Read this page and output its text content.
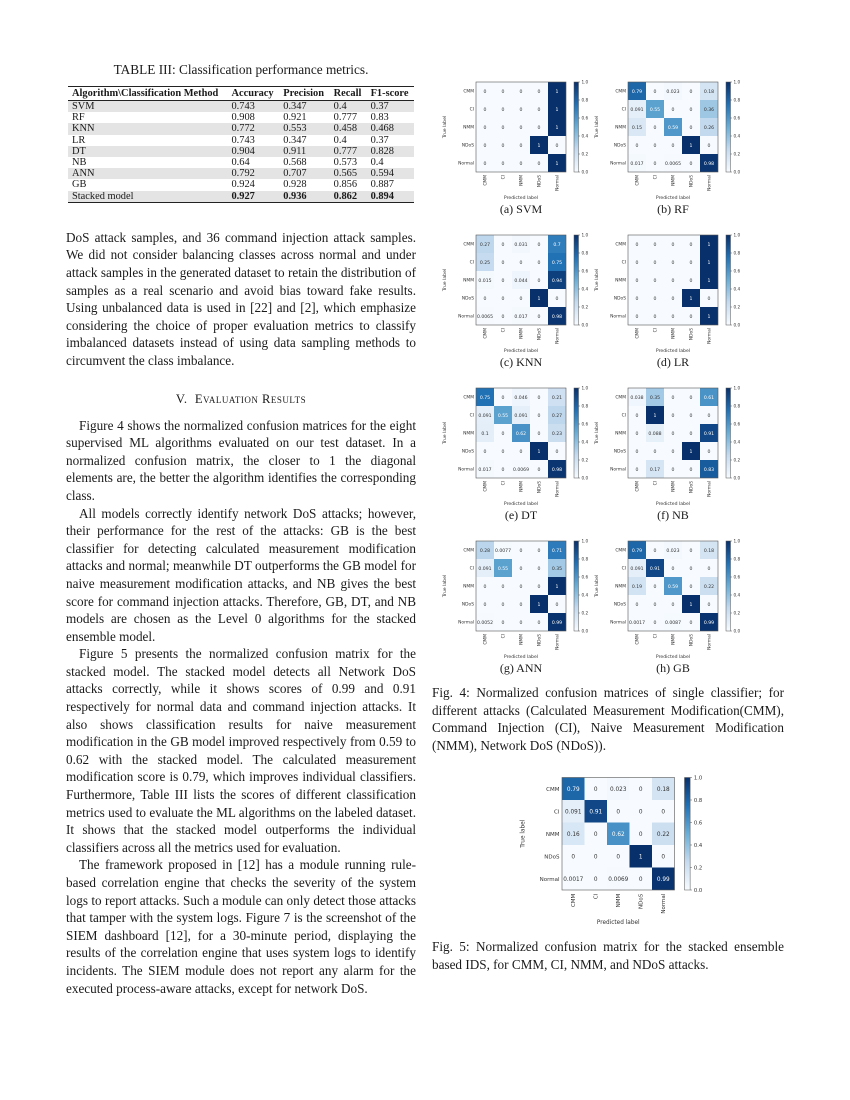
TABLE III: Classification performance metrics.
Algorithm\Classification Method	Accuracy	Precision	Recall	F1-score
SVM	0.743	0.347	0.4	0.37
RF	0.908	0.921	0.777	0.83
KNN	0.772	0.553	0.458	0.468
LR	0.743	0.347	0.4	0.37
DT	0.904	0.911	0.777	0.828
NB	0.64	0.568	0.573	0.4
ANN	0.792	0.707	0.565	0.594
GB	0.924	0.928	0.856	0.887
Stacked model	0.927	0.936	0.862	0.894

DoS attack samples, and 36 command injection attack samples. We did not consider balancing classes across normal and under attack samples in the generated dataset to retain the distribution of samples as a real scenario and avoid bias toward fake results. Using unbalanced data is used in [22] and [2], which emphasize considering the choice of proper evaluation metrics to classify imbalanced datasets instead of using data sampling methods to circumvent the class imbalance.

V. Evaluation Results

Figure 4 shows the normalized confusion matrices for the eight supervised ML algorithms evaluated on our test dataset. In a normalized confusion matrix, the closer to 1 the diagonal elements are, the better the algorithm identifies the corresponding class.

All models correctly identify network DoS attacks; however, their performance for the rest of the attacks: GB is the best classifier for detecting calculated measurement modification attacks and normal; meanwhile DT outperforms the GB model for naive measurement modification attacks, and NB gives the best score for command injection attacks. Therefore, GB, DT, and NB models are chosen as the Level 0 algorithms for the stacked ensemble model.

Figure 5 presents the normalized confusion matrix for the stacked model. The stacked model detects all Network DoS attacks correctly, while it shows scores of 0.99 and 0.91 respectively for normal data and command injection attacks. It also shows classification results for naive measurement modification in the GB model improved respectively from 0.59 to 0.62 with the stacked model. The calculated measurement modification score is 0.79, which improves individual classifiers. Furthermore, Table III lists the scores of different classification metrics used to evaluate the ML algorithms on the labeled dataset. It shows that the stacked model outperforms the individual classifiers across all the metrics used for evaluation.

The framework proposed in [12] has a module running rule-based correlation engine that checks the severity of the system logs to report attacks. Such a module can only detect those attacks that tamper with the system logs. Figure 7 is the screenshot of the SIEM dashboard [12], for a 30-minute period, displaying the results of the correlation engine that uses system logs to identify incidents. The SIEM module does not report any alarm for the executed process-aware attacks, except for network DoS.

0	0	0	0	1
CMM
0	0	0	0	1
CI
0	0	0	0	1
NMM
0	0	0	1	0
NDoS
0	0	0	0	1
Normal
CMM	CI	NMM	NDoS	Normal
Predicted label
True label
0.0
0.2
0.4
0.6
0.8
1.0
(a) SVM
0.79 0 0.023 0 0.18
CMM
0.091 0.55 0	0 0.36
CI
0.15 0 0.59 0 0.26
NMM
0	0	0	1	0
NDoS
0.017 0 0.0065 0 0.98
Normal
CMM	CI	NMM	NDoS	Normal
Predicted label
True label
0.0
0.2
0.4
0.6
0.8
1.0
(b) RF
0.27 0 0.031 0	0.7
CMM
0.25 0	0	0 0.75
CI
0.015 0 0.044 0 0.94
NMM
0	0	0	1	0
NDoS
0.0065 0 0.017 0 0.98
Normal
CMM	CI	NMM	NDoS	Normal
Predicted label
True label
0.0
0.2
0.4
0.6
0.8
1.0
(c) KNN
0	0	0	0	1
CMM
0	0	0	0	1
CI
0	0	0	0	1
NMM
0	0	0	1	0
NDoS
0	0	0	0	1
Normal
CMM	CI	NMM	NDoS	Normal
Predicted label
True label
0.0
0.2
0.4
0.6
0.8
1.0
(d) LR
0.75 0 0.046 0 0.21
CMM
0.091 0.55 0.091 0 0.27
CI
0.1	0 0.62 0 0.23
NMM
0	0	0	1	0
NDoS
0.017 0 0.0069 0 0.98
Normal
CMM	CI	NMM	NDoS	Normal
Predicted label
True label
0.0
0.2
0.4
0.6
0.8
1.0
(e) DT
0.038 0.35 0	0 0.61
CMM
0	1	0	0	0
CI
0 0.088 0	0 0.91
NMM
0	0	0	1	0
NDoS
0 0.17 0	0 0.83
Normal
CMM	CI	NMM	NDoS	Normal
Predicted label
True label
0.0
0.2
0.4
0.6
0.8
1.0
(f) NB
0.28 0.0077 0	0 0.71
CMM
0.091 0.55 0	0 0.35
CI
0	0	0	0	1
NMM
0	0	0	1	0
NDoS
0.0052 0	0	0 0.99
Normal
CMM	CI	NMM	NDoS	Normal
Predicted label
True label
0.0
0.2
0.4
0.6
0.8
1.0
(g) ANN
0.79 0 0.023 0 0.18
CMM
0.091 0.91 0	0	0
CI
0.19 0 0.59 0 0.22
NMM
0	0	0	1	0
NDoS
0.0017 0 0.0087 0 0.99
Normal
CMM	CI	NMM	NDoS	Normal
Predicted label
True label
0.0
0.2
0.4
0.6
0.8
1.0
(h) GB
Fig. 4: Normalized confusion matrices of single classifier; for different attacks (Calculated Measurement Modification(CMM), Command Injection (CI), Naive Measurement Modification (NMM), Network DoS (NDoS)).
0.79 0 0.023 0 0.18
CMM
0.091 0.91 0	0	0
CI
0.16 0 0.62 0 0.22
NMM
0	0	0	1	0
NDoS
0.0017 0 0.0069 0 0.99
Normal
CMM	CI	NMM	NDoS	Normal
Predicted label
True label
0.0
0.2
0.4
0.6
0.8
1.0
Fig. 5: Normalized confusion matrix for the stacked ensemble based IDS, for CMM, CI, NMM, and NDoS attacks.
